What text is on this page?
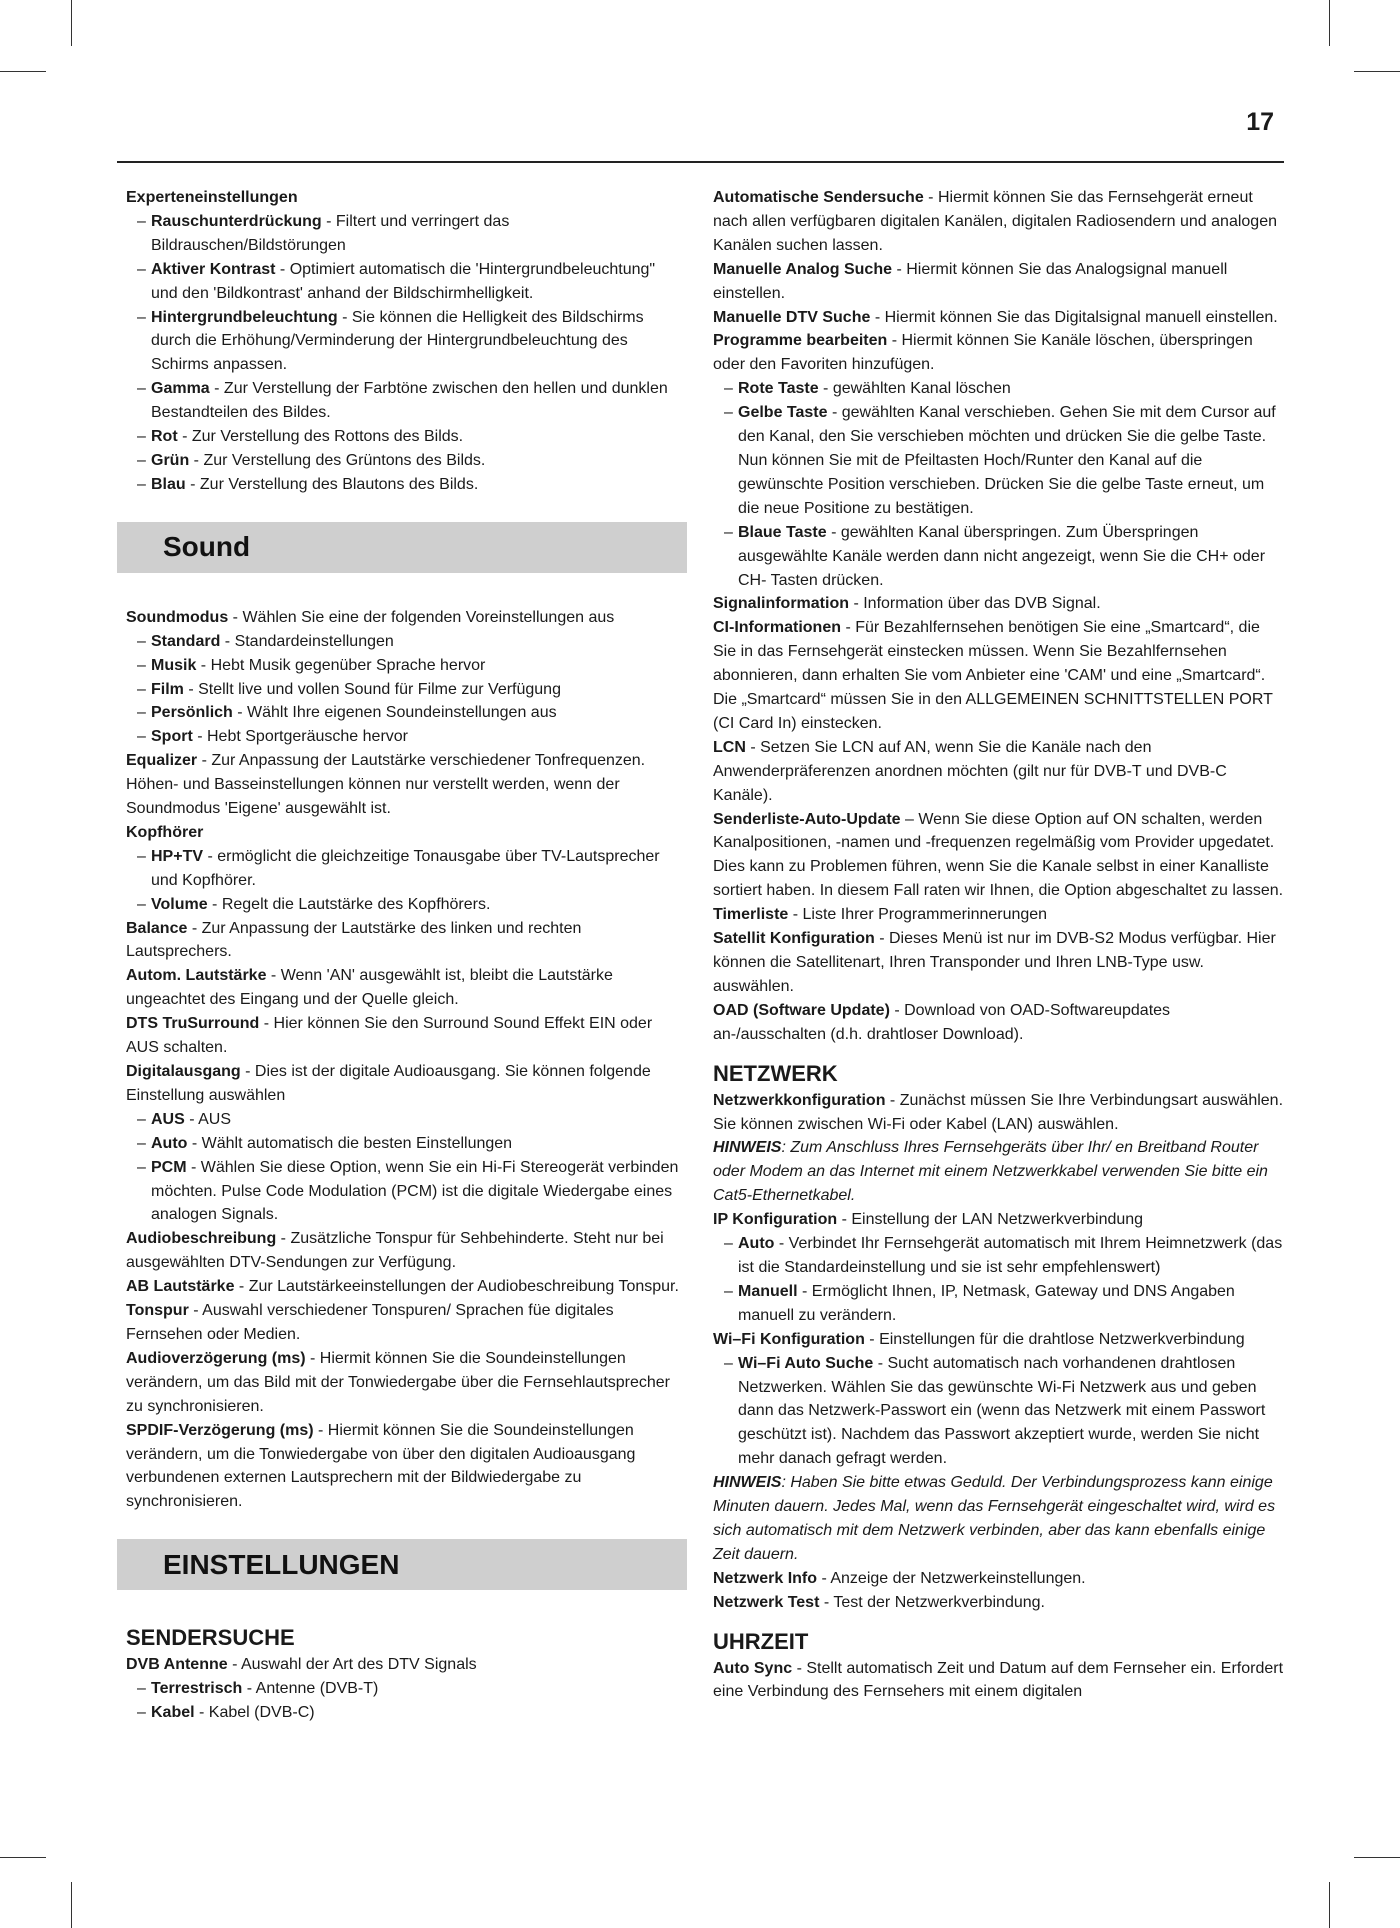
17

Experteneinstellungen

– Rauschunterdrückung - Filtert und verringert das Bildrauschen/Bildstörungen
– Aktiver Kontrast - Optimiert automatisch die 'Hintergrundbeleuchtung" und den 'Bildkontrast' anhand der Bildschirmhelligkeit.
– Hintergrundbeleuchtung - Sie können die Helligkeit des Bildschirms durch die Erhöhung/Verminderung der Hintergrundbeleuchtung des Schirms anpassen.
– Gamma - Zur Verstellung der Farbtöne zwischen den hellen und dunklen Bestandteilen des Bildes.
– Rot - Zur Verstellung des Rottons des Bilds.
– Grün - Zur Verstellung des Grüntons des Bilds.
– Blau - Zur Verstellung des Blautons des Bilds.
Sound

Soundmodus - Wählen Sie eine der folgenden Voreinstellungen aus

– Standard - Standardeinstellungen
– Musik - Hebt Musik gegenüber Sprache hervor
– Film - Stellt live und vollen Sound für Filme zur Verfügung
– Persönlich - Wählt Ihre eigenen Soundeinstellungen aus
– Sport - Hebt Sportgeräusche hervor

Equalizer - Zur Anpassung der Lautstärke verschiedener Tonfrequenzen. Höhen- und Basseinstellungen können nur verstellt werden, wenn der Soundmodus 'Eigene' ausgewählt ist.

Kopfhörer

– HP+TV - ermöglicht die gleichzeitige Tonausgabe über TV-Lautsprecher und Kopfhörer.
– Volume - Regelt die Lautstärke des Kopfhörers.

Balance - Zur Anpassung der Lautstärke des linken und rechten Lautsprechers.

Autom. Lautstärke - Wenn 'AN' ausgewählt ist, bleibt die Lautstärke ungeachtet des Eingang und der Quelle gleich.

DTS TruSurround - Hier können Sie den Surround Sound Effekt EIN oder AUS schalten.

Digitalausgang - Dies ist der digitale Audioausgang. Sie können folgende Einstellung auswählen

– AUS - AUS
– Auto - Wählt automatisch die besten Einstellungen
– PCM - Wählen Sie diese Option, wenn Sie ein Hi-Fi Stereogerät verbinden möchten. Pulse Code Modulation (PCM) ist die digitale Wiedergabe eines analogen Signals.

Audiobeschreibung - Zusätzliche Tonspur für Sehbehinderte. Steht nur bei ausgewählten DTV-Sendungen zur Verfügung.

AB Lautstärke - Zur Lautstärkeeinstellungen der Audiobeschreibung Tonspur.

Tonspur - Auswahl verschiedener Tonspuren/ Sprachen füe digitales Fernsehen oder Medien.

Audioverzögerung (ms) - Hiermit können Sie die Soundeinstellungen verändern, um das Bild mit der Tonwiedergabe über die Fernsehlautsprecher zu synchronisieren.

SPDIF-Verzögerung (ms) - Hiermit können Sie die Soundeinstellungen verändern, um die Tonwiedergabe von über den digitalen Audioausgang verbundenen externen Lautsprechern mit der Bildwiedergabe zu synchronisieren.

EINSTELLUNGEN

SENDERSUCHE

DVB Antenne - Auswahl der Art des DTV Signals

– Terrestrisch - Antenne (DVB-T)
– Kabel - Kabel (DVB-C)

Automatische Sendersuche - Hiermit können Sie das Fernsehgerät erneut nach allen verfügbaren digitalen Kanälen, digitalen Radiosendern und analogen Kanälen suchen lassen.

Manuelle Analog Suche - Hiermit können Sie das Analogsignal manuell einstellen.

Manuelle DTV Suche - Hiermit können Sie das Digitalsignal manuell einstellen.

Programme bearbeiten - Hiermit können Sie Kanäle löschen, überspringen oder den Favoriten hinzufügen.

– Rote Taste - gewählten Kanal löschen
– Gelbe Taste - gewählten Kanal verschieben. Gehen Sie mit dem Cursor auf den Kanal, den Sie verschieben möchten und drücken Sie die gelbe Taste. Nun können Sie mit de Pfeiltasten Hoch/Runter den Kanal auf die gewünschte Position verschieben. Drücken Sie die gelbe Taste erneut, um die neue Positione zu bestätigen.
– Blaue Taste - gewählten Kanal überspringen. Zum Überspringen ausgewählte Kanäle werden dann nicht angezeigt, wenn Sie die CH+ oder CH- Tasten drücken.

Signalinformation - Information über das DVB Signal.

CI-Informationen - Für Bezahlfernsehen benötigen Sie eine „Smartcard“, die Sie in das Fernsehgerät einstecken müssen. Wenn Sie Bezahlfernsehen abonnieren, dann erhalten Sie vom Anbieter eine 'CAM' und eine „Smartcard“. Die „Smartcard“ müssen Sie in den ALLGEMEINEN SCHNITTSTELLEN PORT (CI Card In) einstecken.

LCN - Setzen Sie LCN auf AN, wenn Sie die Kanäle nach den Anwenderpräferenzen anordnen möchten (gilt nur für DVB-T und DVB-C Kanäle).

Senderliste-Auto-Update – Wenn Sie diese Option auf ON schalten, werden Kanalpositionen, -namen und -frequenzen regelmäßig vom Provider upgedatet. Dies kann zu Problemen führen, wenn Sie die Kanale selbst in einer Kanalliste sortiert haben. In diesem Fall raten wir Ihnen, die Option abgeschaltet zu lassen.

Timerliste - Liste Ihrer Programmerinnerungen

Satellit Konfiguration - Dieses Menü ist nur im DVB-S2 Modus verfügbar. Hier können die Satellitenart, Ihren Transponder und Ihren LNB-Type usw. auswählen.

OAD (Software Update) - Download von OAD-Softwareupdates an-/ausschalten (d.h. drahtloser Download).

NETZWERK

Netzwerkkonfiguration - Zunächst müssen Sie Ihre Verbindungsart auswählen. Sie können zwischen Wi-Fi oder Kabel (LAN) auswählen.

HINWEIS: Zum Anschluss Ihres Fernsehgeräts über Ihr/ en Breitband Router oder Modem an das Internet mit einem Netzwerkkabel verwenden Sie bitte ein Cat5-Ethernetkabel.

IP Konfiguration - Einstellung der LAN Netzwerkverbindung

– Auto - Verbindet Ihr Fernsehgerät automatisch mit Ihrem Heimnetzwerk (das ist die Standardeinstellung und sie ist sehr empfehlenswert)
– Manuell - Ermöglicht Ihnen, IP, Netmask, Gateway und DNS Angaben manuell zu verändern.

Wi–Fi Konfiguration - Einstellungen für die drahtlose Netzwerkverbindung

– Wi–Fi Auto Suche - Sucht automatisch nach vorhandenen drahtlosen Netzwerken. Wählen Sie das gewünschte Wi-Fi Netzwerk aus und geben dann das Netzwerk-Passwort ein (wenn das Netzwerk mit einem Passwort geschützt ist). Nachdem das Passwort akzeptiert wurde, werden Sie nicht mehr danach gefragt werden.

HINWEIS: Haben Sie bitte etwas Geduld. Der Verbindungsprozess kann einige Minuten dauern. Jedes Mal, wenn das Fernsehgerät eingeschaltet wird, wird es sich automatisch mit dem Netzwerk verbinden, aber das kann ebenfalls einige Zeit dauern.

Netzwerk Info - Anzeige der Netzwerkeinstellungen.

Netzwerk Test - Test der Netzwerkverbindung.

UHRZEIT

Auto Sync - Stellt automatisch Zeit und Datum auf dem Fernseher ein. Erfordert eine Verbindung des Fernsehers mit einem digitalen
